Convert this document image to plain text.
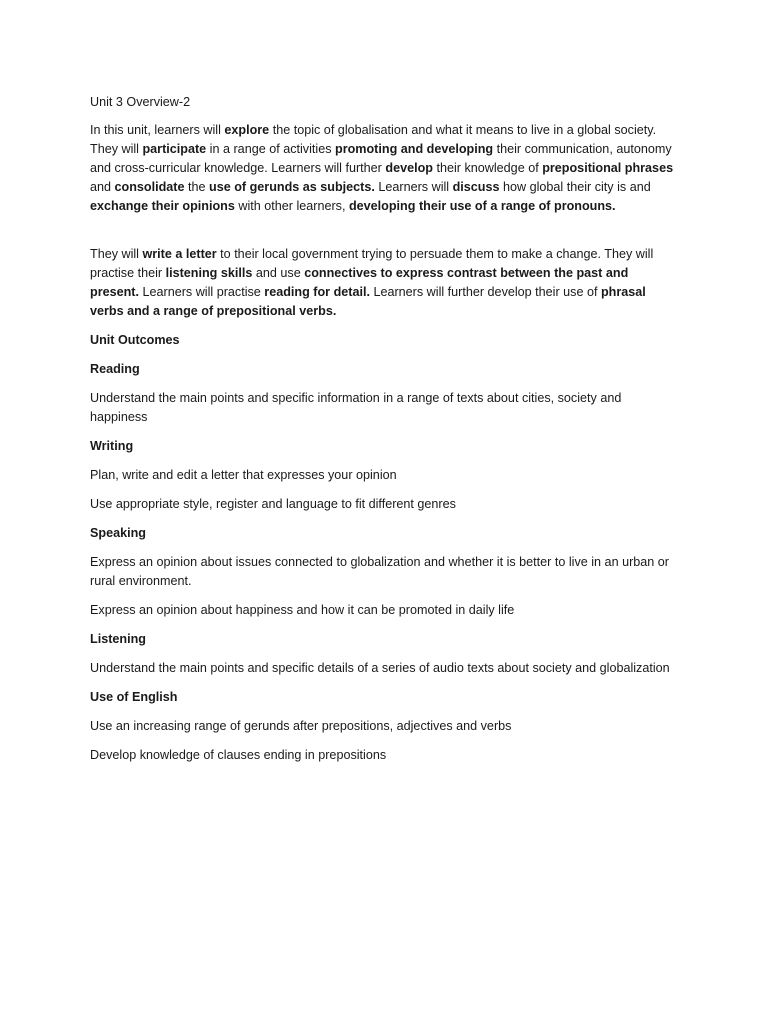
Unit 3 Overview-2

In this unit, learners will explore the topic of globalisation and what it means to live in a global society. They will participate in a range of activities promoting and developing their communication, autonomy and cross-curricular knowledge. Learners will further develop their knowledge of prepositional phrases and consolidate the use of gerunds as subjects. Learners will discuss how global their city is and exchange their opinions with other learners, developing their use of a range of pronouns.

They will write a letter to their local government trying to persuade them to make a change. They will practise their listening skills and use connectives to express contrast between the past and present. Learners will practise reading for detail. Learners will further develop their use of phrasal verbs and a range of prepositional verbs.

Unit Outcomes

Reading

Understand the main points and specific information in a range of texts about cities, society and happiness

Writing

Plan, write and edit a letter that expresses your opinion

Use appropriate style, register and language to fit different genres

Speaking

Express an opinion about issues connected to globalization and whether it is better to live in an urban or rural environment.

Express an opinion about happiness and how it can be promoted in daily life

Listening

Understand the main points and specific details of a series of audio texts about society and globalization

Use of English

Use an increasing range of gerunds after prepositions, adjectives and verbs

Develop knowledge of clauses ending in prepositions
